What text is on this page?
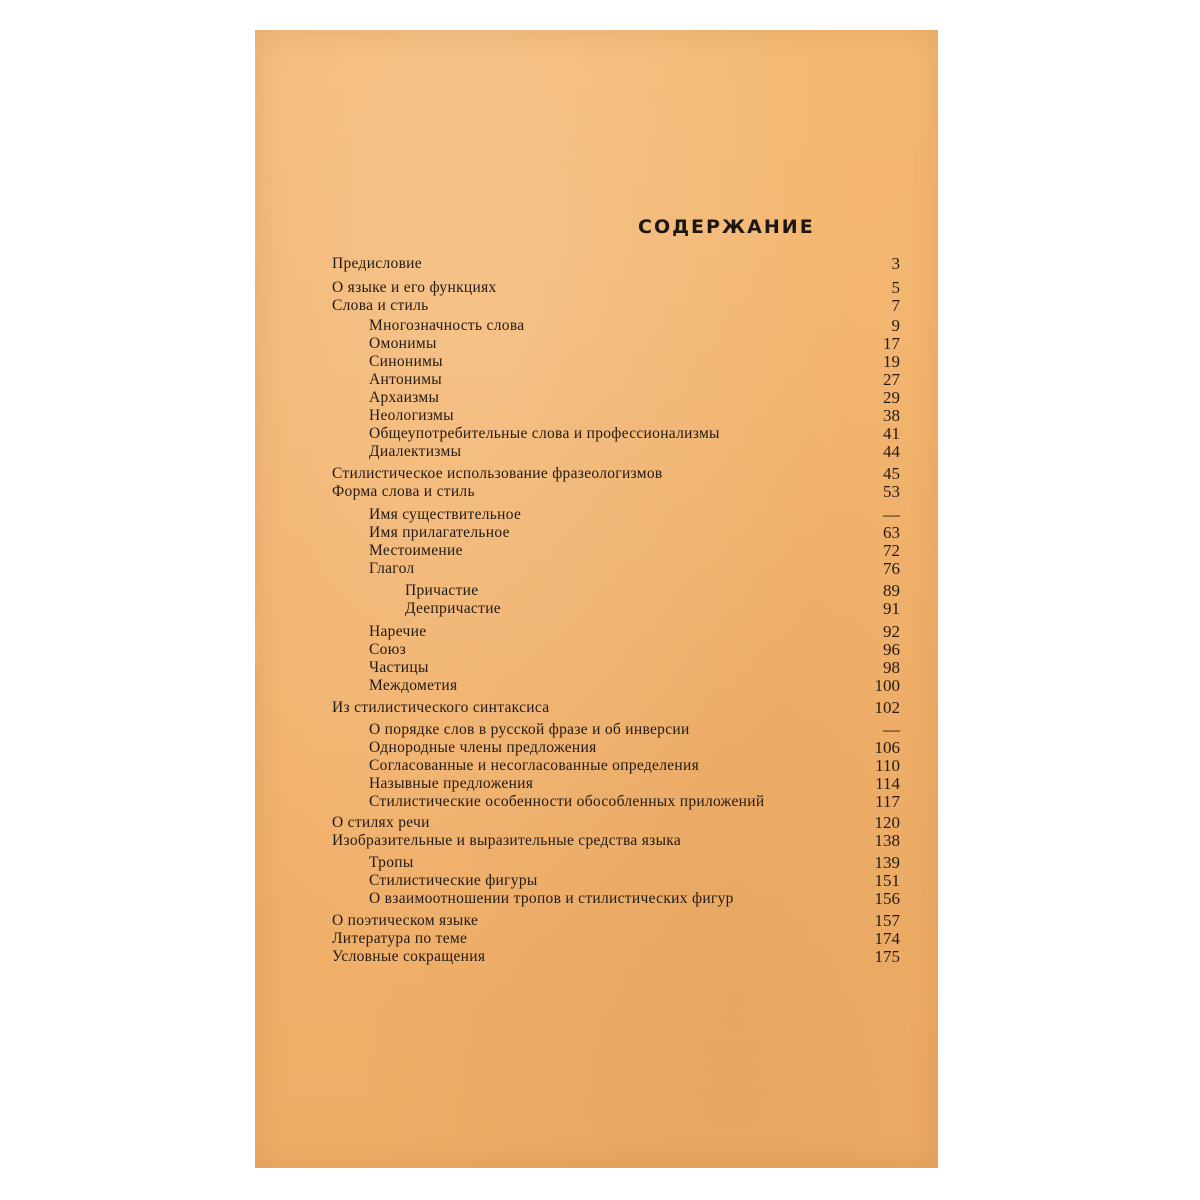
СОДЕРЖАНИЕ
Предисловие	3
О языке и его функциях	5
Слова и стиль	7
Многозначность слова	9
Омонимы	17
Синонимы	19
Антонимы	27
Архаизмы	29
Неологизмы	38
Общеупотребительные слова и профессионализмы	41
Диалектизмы	44
Стилистическое использование фразеологизмов	45
Форма слова и стиль	53
Имя существительное	—
Имя прилагательное	63
Местоимение	72
Глагол	76
Причастие	89
Деепричастие	91
Наречие	92
Союз	96
Частицы	98
Междометия	100
Из стилистического синтаксиса	102
О порядке слов в русской фразе и об инверсии	—
Однородные члены предложения	106
Согласованные и несогласованные определения	110
Назывные предложения	114
Стилистические особенности обособленных приложений	117
О стилях речи	120
Изобразительные и выразительные средства языка	138
Тропы	139
Стилистические фигуры	151
О взаимоотношении тропов и стилистических фигур	156
О поэтическом языке	157
Литература по теме	174
Условные сокращения	175
